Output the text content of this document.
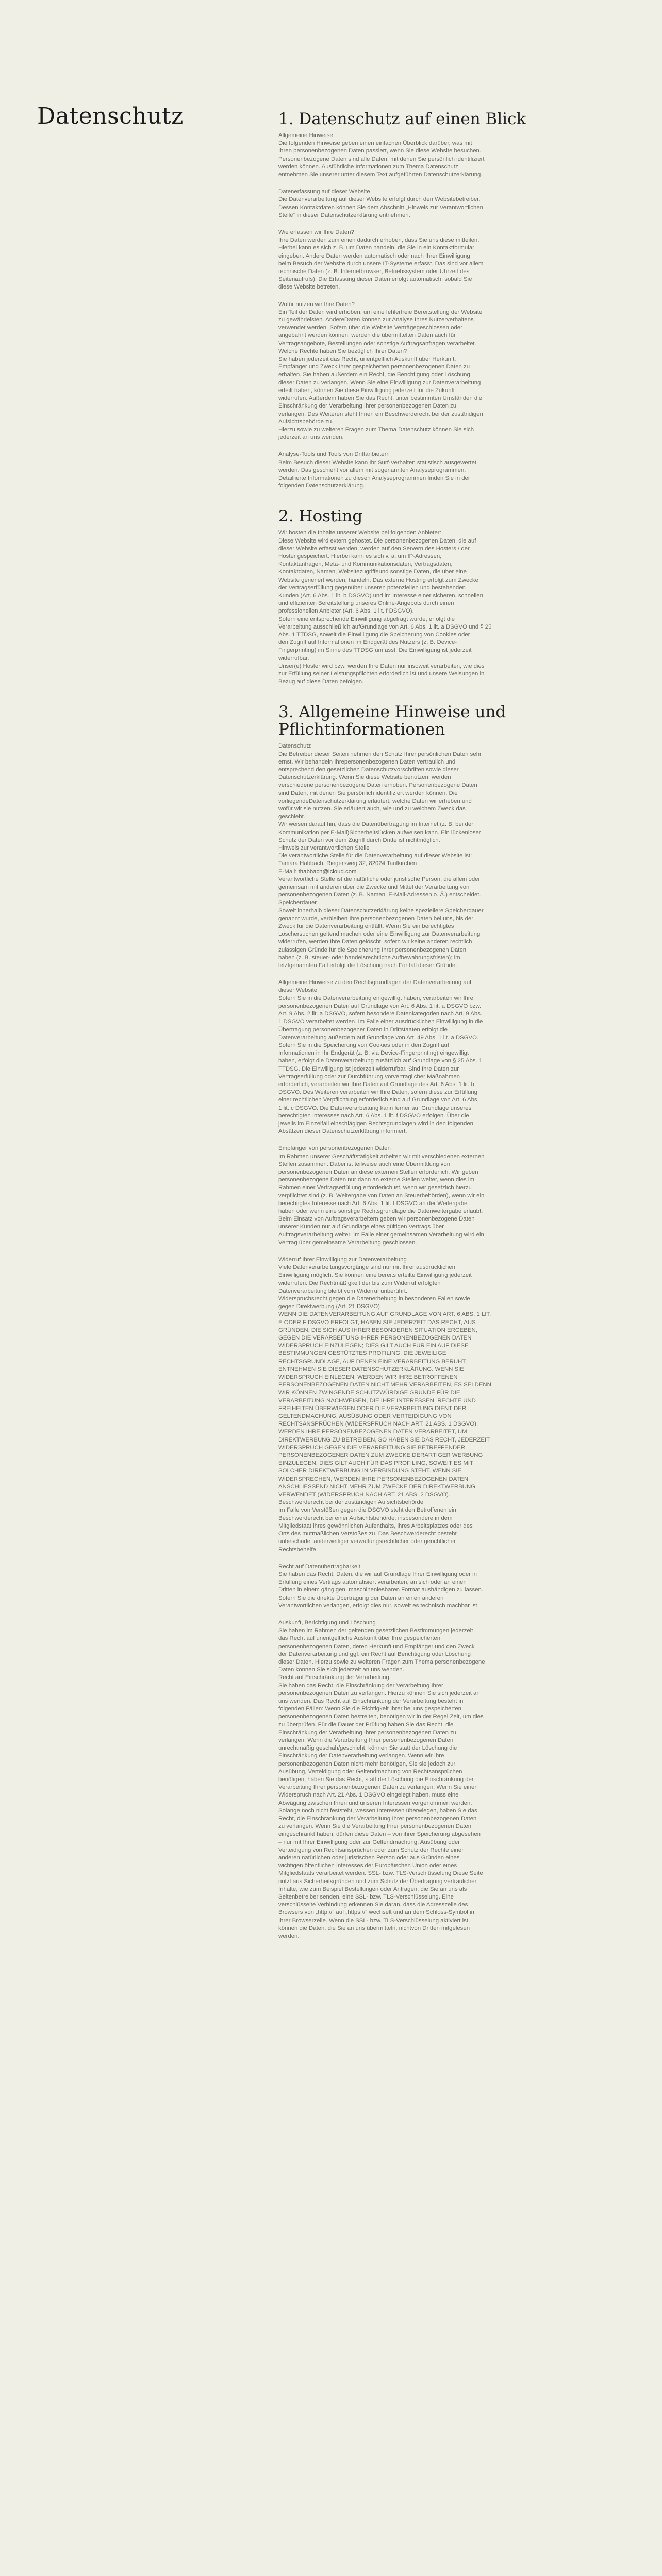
Datenschutz	1. Datenschutz auf einen Blick

Allgemeine Hinweise

Die folgenden Hinweise geben einen einfachen Überblick darüber, was mit

Ihren personenbezogenen Daten passiert, wenn Sie diese Website besuchen.

Personenbezogene Daten sind alle Daten, mit denen Sie persönlich identifiziert

werden können. Ausführliche Informationen zum Thema Datenschutz

entnehmen Sie unserer unter diesem Text aufgeführten Datenschutzerklärung.

Datenerfassung auf dieser Website

Die Datenverarbeitung auf dieser Website erfolgt durch den Websitebetreiber.

Dessen Kontaktdaten können Sie dem Abschnitt „Hinweis zur Verantwortlichen

Stelle“ in dieser Datenschutzerklärung entnehmen.

Wie erfassen wir Ihre Daten?

Ihre Daten werden zum einen dadurch erhoben, dass Sie uns diese mitteilen.

Hierbei kann es sich z. B. um Daten handeln, die Sie in ein Kontaktformular

eingeben. Andere Daten werden automatisch oder nach Ihrer Einwilligung

beim Besuch der Website durch unsere IT-Systeme erfasst. Das sind vor allem

technische Daten (z. B. Internetbrowser, Betriebssystem oder Uhrzeit des

Seitenaufrufs). Die Erfassung dieser Daten erfolgt automatisch, sobald Sie

diese Website betreten.

Wofür nutzen wir Ihre Daten?

Ein Teil der Daten wird erhoben, um eine fehlerfreie Bereitstellung der Website

zu gewährleisten. AndereDaten können zur Analyse Ihres Nutzerverhaltens

verwendet werden. Sofern über die Website Verträgegeschlossen oder

angebahnt werden können, werden die übermittelten Daten auch für

Vertragsangebote, Bestellungen oder sonstige Auftragsanfragen verarbeitet.

Welche Rechte haben Sie bezüglich Ihrer Daten?

Sie haben jederzeit das Recht, unentgeltlich Auskunft über Herkunft,

Empfänger und Zweck Ihrer gespeicherten personenbezogenen Daten zu

erhalten. Sie haben außerdem ein Recht, die Berichtigung oder Löschung

dieser Daten zu verlangen. Wenn Sie eine Einwilligung zur Datenverarbeitung

erteilt haben, können Sie diese Einwilligung jederzeit für die Zukunft

widerrufen. Außerdem haben Sie das Recht, unter bestimmten Umständen die

Einschränkung der Verarbeitung Ihrer personenbezogenen Daten zu

verlangen. Des Weiteren steht Ihnen ein Beschwerderecht bei der zuständigen

Aufsichtsbehörde zu.

Hierzu sowie zu weiteren Fragen zum Thema Datenschutz können Sie sich

jederzeit an uns wenden.

Analyse-Tools und Tools von Drittanbietern

Beim Besuch dieser Website kann Ihr Surf-Verhalten statistisch ausgewertet

werden. Das geschieht vor allem mit sogenannten Analyseprogrammen.

Detaillierte Informationen zu diesen Analyseprogrammen finden Sie in der

folgenden Datenschutzerklärung.

2. Hosting

Wir hosten die Inhalte unserer Website bei folgenden Anbieter:

Diese Website wird extern gehostet. Die personenbezogenen Daten, die auf

dieser Website erfasst werden, werden auf den Servern des Hosters / der

Hoster gespeichert. Hierbei kann es sich v. a. um IP-Adressen,

Kontaktanfragen, Meta- und Kommunikationsdaten, Vertragsdaten,

Kontaktdaten, Namen, Websitezugriffeund sonstige Daten, die über eine

Website generiert werden, handeln. Das externe Hosting erfolgt zum Zwecke

der Vertragserfüllung gegenüber unseren potenziellen und bestehenden

Kunden (Art. 6 Abs. 1 lit. b DSGVO) und im Interesse einer sicheren, schnellen

und effizienten Bereitstellung unseres Online-Angebots durch einen

professionellen Anbieter (Art. 6 Abs. 1 lit. f DSGVO).

Sofern eine entsprechende Einwilligung abgefragt wurde, erfolgt die

Verarbeitung ausschließlich aufGrundlage von Art. 6 Abs. 1 lit. a DSGVO und § 25

Abs. 1 TTDSG, soweit die Einwilligung die Speicherung von Cookies oder

den Zugriff auf Informationen im Endgerät des Nutzers (z. B. Device-

Fingerprinting) im Sinne des TTDSG umfasst. Die Einwilligung ist jederzeit

widerrufbar.

Unser(e) Hoster wird bzw. werden Ihre Daten nur insoweit verarbeiten, wie dies

zur Erfüllung seiner Leistungspflichten erforderlich ist und unsere Weisungen in

Bezug auf diese Daten befolgen.

3. Allgemeine Hinweise und Pflichtinformationen

Datenschutz

Die Betreiber dieser Seiten nehmen den Schutz Ihrer persönlichen Daten sehr

ernst. Wir behandeln Ihrepersonenbezogenen Daten vertraulich und

entsprechend den gesetzlichen Datenschutzvorschriften sowie dieser

Datenschutzerklärung. Wenn Sie diese Website benutzen, werden

verschiedene personenbezogene Daten erhoben. Personenbezogene Daten

sind Daten, mit denen Sie persönlich identifiziert werden können. Die

vorliegendeDatenschutzerklärung erläutert, welche Daten wir erheben und

wofür wir sie nutzen. Sie erläutert auch, wie und zu welchem Zweck das

geschieht.

Wir weisen darauf hin, dass die Datenübertragung im Internet (z. B. bei der

Kommunikation per E-Mail)Sicherheitslücken aufweisen kann. Ein lückenloser

Schutz der Daten vor dem Zugriff durch Dritte ist nichtmöglich.

Hinweis zur verantwortlichen Stelle

Die verantwortliche Stelle für die Datenverarbeitung auf dieser Website ist:

Tamara Habbach, Riegersweg 32, 82024 Taufkirchen

E-Mail: thabbach@icloud.com

Verantwortliche Stelle ist die natürliche oder juristische Person, die allein oder

gemeinsam mit anderen über die Zwecke und Mittel der Verarbeitung von

personenbezogenen Daten (z. B. Namen, E-Mail-Adressen o. Ä.) entscheidet.

Speicherdauer

Soweit innerhalb dieser Datenschutzerklärung keine speziellere Speicherdauer

genannt wurde, verbleiben Ihre personenbezogenen Daten bei uns, bis der

Zweck für die Datenverarbeitung entfällt. Wenn Sie ein berechtigtes

Löschersuchen geltend machen oder eine Einwilligung zur Datenverarbeitung

widerrufen, werden Ihre Daten gelöscht, sofern wir keine anderen rechtlich

zulässigen Gründe für die Speicherung Ihrer personenbezogenen Daten

haben (z. B. steuer- oder handelsrechtliche Aufbewahrungsfristen); im

letztgenannten Fall erfolgt die Löschung nach Fortfall dieser Gründe.

Allgemeine Hinweise zu den Rechtsgrundlagen der Datenverarbeitung auf

dieser Website

Sofern Sie in die Datenverarbeitung eingewilligt haben, verarbeiten wir Ihre

personenbezogenen Daten auf Grundlage von Art. 6 Abs. 1 lit. a DSGVO bzw.

Art. 9 Abs. 2 lit. a DSGVO, sofern besondere Datenkategorien nach Art. 9 Abs.

1 DSGVO verarbeitet werden. Im Falle einer ausdrücklichen Einwilligung in die

Übertragung personenbezogener Daten in Drittstaaten erfolgt die

Datenverarbeitung außerdem auf Grundlage von Art. 49 Abs. 1 lit. a DSGVO.

Sofern Sie in die Speicherung von Cookies oder in den Zugriff auf

Informationen in Ihr Endgerät (z. B. via Device-Fingerprinting) eingewilligt

haben, erfolgt die Datenverarbeitung zusätzlich auf Grundlage von § 25 Abs. 1

TTDSG. Die Einwilligung ist jederzeit widerrufbar. Sind Ihre Daten zur

Vertragserfüllung oder zur Durchführung vorvertraglicher Maßnahmen

erforderlich, verarbeiten wir Ihre Daten auf Grundlage des Art. 6 Abs. 1 lit. b

DSGVO. Des Weiteren verarbeiten wir Ihre Daten, sofern diese zur Erfüllung

einer rechtlichen Verpflichtung erforderlich sind auf Grundlage von Art. 6 Abs.

1 lit. c DSGVO. Die Datenverarbeitung kann ferner auf Grundlage unseres

berechtigten Interesses nach Art. 6 Abs. 1 lit. f DSGVO erfolgen. Über die

jeweils im Einzelfall einschlägigen Rechtsgrundlagen wird in den folgenden

Absätzen dieser Datenschutzerklärung informiert.

Empfänger von personenbezogenen Daten

Im Rahmen unserer Geschäftstätigkeit arbeiten wir mit verschiedenen externen

Stellen zusammen. Dabei ist teilweise auch eine Übermittlung von

personenbezogenen Daten an diese externen Stellen erforderlich. Wir geben

personenbezogene Daten nur dann an externe Stellen weiter, wenn dies im

Rahmen einer Vertragserfüllung erforderlich ist, wenn wir gesetzlich hierzu

verpflichtet sind (z. B. Weitergabe von Daten an Steuerbehörden), wenn wir ein

berechtigtes Interesse nach Art. 6 Abs. 1 lit. f DSGVO an der Weitergabe

haben oder wenn eine sonstige Rechtsgrundlage die Datenweitergabe erlaubt.

Beim Einsatz von Auftragsverarbeitern geben wir personenbezogene Daten

unserer Kunden nur auf Grundlage eines gültigen Vertrags über

Auftragsverarbeitung weiter. Im Falle einer gemeinsamen Verarbeitung wird ein

Vertrag über gemeinsame Verarbeitung geschlossen.

Widerruf Ihrer Einwilligung zur Datenverarbeitung

Viele Datenverarbeitungsvorgänge sind nur mit Ihrer ausdrücklichen

Einwilligung möglich. Sie können eine bereits erteilte Einwilligung jederzeit

widerrufen. Die Rechtmäßigkeit der bis zum Widerruf erfolgten

Datenverarbeitung bleibt vom Widerruf unberührt.

Widerspruchsrecht gegen die Datenerhebung in besonderen Fällen sowie

gegen Direktwerbung (Art. 21 DSGVO)

WENN DIE DATENVERARBEITUNG AUF GRUNDLAGE VON ART. 6 ABS. 1 LIT.

E ODER F DSGVO ERFOLGT, HABEN SIE JEDERZEIT DAS RECHT, AUS

GRÜNDEN, DIE SICH AUS IHRER BESONDEREN SITUATION ERGEBEN,

GEGEN DIE VERARBEITUNG IHRER PERSONENBEZOGENEN DATEN

WIDERSPRUCH EINZULEGEN; DIES GILT AUCH FÜR EIN AUF DIESE

BESTIMMUNGEN GESTÜTZTES PROFILING. DIE JEWEILIGE

RECHTSGRUNDLAGE, AUF DENEN EINE VERARBEITUNG BERUHT,

ENTNEHMEN SIE DIESER DATENSCHUTZERKLÄRUNG. WENN SIE

WIDERSPRUCH EINLEGEN, WERDEN WIR IHRE BETROFFENEN

PERSONENBEZOGENEN DATEN NICHT MEHR VERARBEITEN, ES SEI DENN,

WIR KÖNNEN ZWINGENDE SCHUTZWÜRDIGE GRÜNDE FÜR DIE

VERARBEITUNG NACHWEISEN, DIE IHRE INTERESSEN, RECHTE UND

FREIHEITEN ÜBERWIEGEN ODER DIE VERARBEITUNG DIENT DER

GELTENDMACHUNG, AUSÜBUNG ODER VERTEIDIGUNG VON

RECHTSANSPRÜCHEN (WIDERSPRUCH NACH ART. 21 ABS. 1 DSGVO).

WERDEN IHRE PERSONENBEZOGENEN DATEN VERARBEITET, UM

DIREKTWERBUNG ZU BETREIBEN, SO HABEN SIE DAS RECHT, JEDERZEIT

WIDERSPRUCH GEGEN DIE VERARBEITUNG SIE BETREFFENDER

PERSONENBEZOGENER DATEN ZUM ZWECKE DERARTIGER WERBUNG

EINZULEGEN; DIES GILT AUCH FÜR DAS PROFILING, SOWEIT ES MIT

SOLCHER DIREKTWERBUNG IN VERBINDUNG STEHT. WENN SIE

WIDERSPRECHEN, WERDEN IHRE PERSONENBEZOGENEN DATEN

ANSCHLIESSEND NICHT MEHR ZUM ZWECKE DER DIREKTWERBUNG

VERWENDET (WIDERSPRUCH NACH ART. 21 ABS. 2 DSGVO).

Beschwerderecht bei der zuständigen Aufsichtsbehörde

Im Falle von Verstößen gegen die DSGVO steht den Betroffenen ein

Beschwerderecht bei einer Aufsichtsbehörde, insbesondere in dem

Mitgliedstaat ihres gewöhnlichen Aufenthalts, ihres Arbeitsplatzes oder des

Orts des mutmaßlichen Verstoßes zu. Das Beschwerderecht besteht

unbeschadet anderweitiger verwaltungsrechtlicher oder gerichtlicher

Rechtsbehelfe.

Recht auf Datenübertragbarkeit

Sie haben das Recht, Daten, die wir auf Grundlage Ihrer Einwilligung oder in

Erfüllung eines Vertrags automatisiert verarbeiten, an sich oder an einen

Dritten in einem gängigen, maschinenlesbaren Format aushändigen zu lassen.

Sofern Sie die direkte Übertragung der Daten an einen anderen

Verantwortlichen verlangen, erfolgt dies nur, soweit es technisch machbar ist.

Auskunft, Berichtigung und Löschung

Sie haben im Rahmen der geltenden gesetzlichen Bestimmungen jederzeit

das Recht auf unentgeltliche Auskunft über Ihre gespeicherten

personenbezogenen Daten, deren Herkunft und Empfänger und den Zweck

der Datenverarbeitung und ggf. ein Recht auf Berichtigung oder Löschung

dieser Daten. Hierzu sowie zu weiteren Fragen zum Thema personenbezogene

Daten können Sie sich jederzeit an uns wenden.

Recht auf Einschränkung der Verarbeitung

Sie haben das Recht, die Einschränkung der Verarbeitung Ihrer

personenbezogenen Daten zu verlangen. Hierzu können Sie sich jederzeit an

uns wenden. Das Recht auf Einschränkung der Verarbeitung besteht in

folgenden Fällen: Wenn Sie die Richtigkeit Ihrer bei uns gespeicherten

personenbezogenen Daten bestreiten, benötigen wir in der Regel Zeit, um dies

zu überprüfen. Für die Dauer der Prüfung haben Sie das Recht, die

Einschränkung der Verarbeitung Ihrer personenbezogenen Daten zu

verlangen. Wenn die Verarbeitung Ihrer personenbezogenen Daten

unrechtmäßig geschah/geschieht, können Sie statt der Löschung die

Einschränkung der Datenverarbeitung verlangen. Wenn wir Ihre

personenbezogenen Daten nicht mehr benötigen, Sie sie jedoch zur

Ausübung, Verteidigung oder Geltendmachung von Rechtsansprüchen

benötigen, haben Sie das Recht, statt der Löschung die Einschränkung der

Verarbeitung Ihrer personenbezogenen Daten zu verlangen. Wenn Sie einen

Widerspruch nach Art. 21 Abs. 1 DSGVO eingelegt haben, muss eine

Abwägung zwischen Ihren und unseren Interessen vorgenommen werden.

Solange noch nicht feststeht, wessen Interessen überwiegen, haben Sie das

Recht, die Einschränkung der Verarbeitung Ihrer personenbezogenen Daten

zu verlangen. Wenn Sie die Verarbeitung Ihrer personenbezogenen Daten

eingeschränkt haben, dürfen diese Daten – von ihrer Speicherung abgesehen

– nur mit Ihrer Einwilligung oder zur Geltendmachung, Ausübung oder

Verteidigung von Rechtsansprüchen oder zum Schutz der Rechte einer

anderen natürlichen oder juristischen Person oder aus Gründen eines

wichtigen öffentlichen Interesses der Europäischen Union oder eines

Mitgliedstaats verarbeitet werden. SSL- bzw. TLS-Verschlüsselung Diese Seite

nutzt aus Sicherheitsgründen und zum Schutz der Übertragung vertraulicher

Inhalte, wie zum Beispiel Bestellungen oder Anfragen, die Sie an uns als

Seitenbetreiber senden, eine SSL- bzw. TLS-Verschlüsselung. Eine

verschlüsselte Verbindung erkennen Sie daran, dass die Adresszeile des

Browsers von „http://“ auf „https://“ wechselt und an dem Schloss-Symbol in

Ihrer Browserzeile. Wenn die SSL- bzw. TLS-Verschlüsselung aktiviert ist,

können die Daten, die Sie an uns übermitteln, nichtvon Dritten mitgelesen

werden.
